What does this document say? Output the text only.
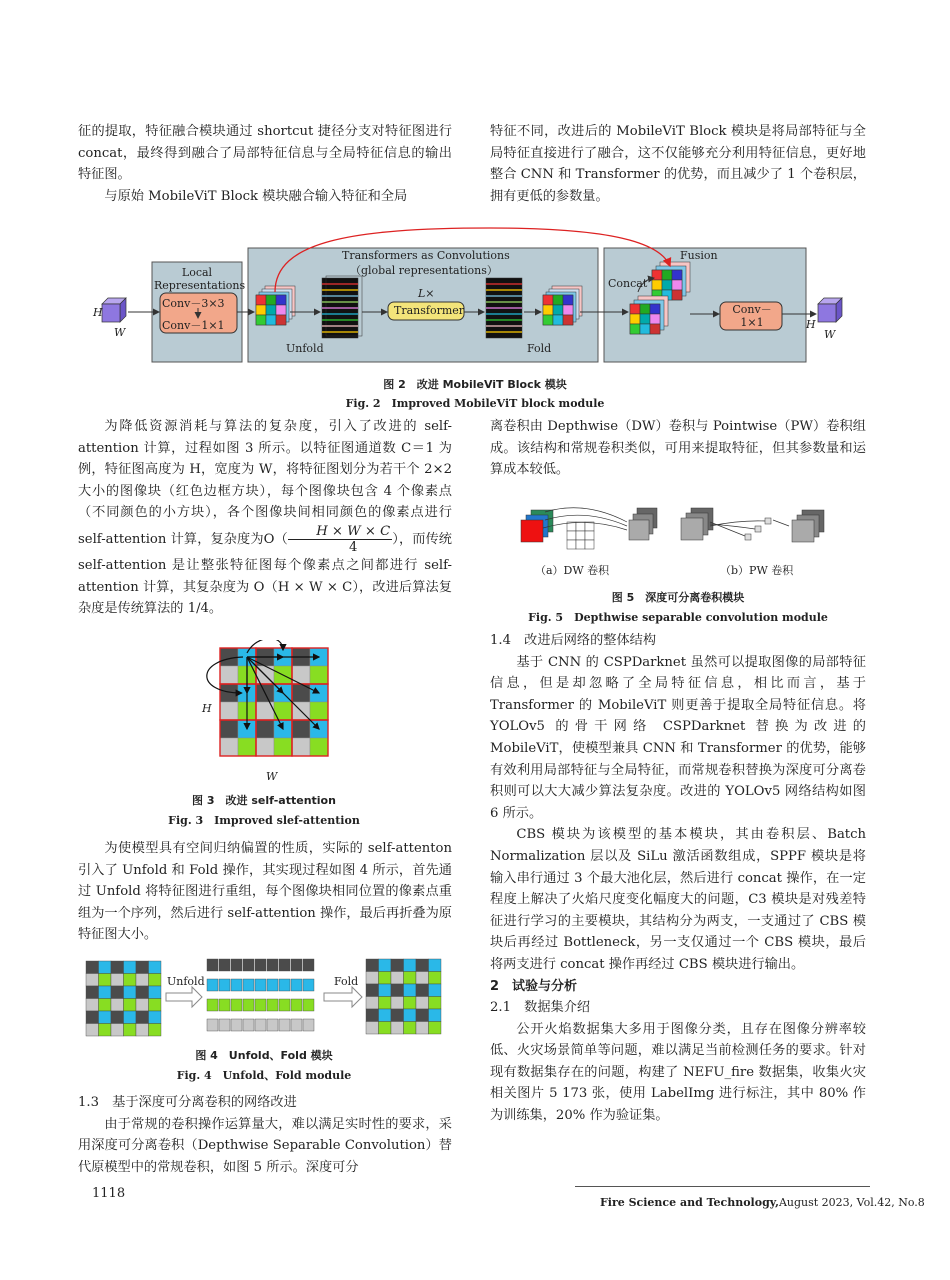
征的提取，特征融合模块通过 shortcut 捷径分支对特征图进行 concat，最终得到融合了局部特征信息与全局特征信息的输出特征图。

与原始 MobileViT Block 模块融合输入特征和全局

特征不同，改进后的 MobileViT Block 模块是将局部特征与全局特征直接进行了融合，这不仅能够充分利用特征信息，更好地整合 CNN 和 Transformer 的优势，而且减少了 1 个卷积层，拥有更低的参数量。

H
W
Local Representations
Conv－3×3
Conv－1×1
Transformers as Convolutions
（global representations）
L×
Transformer
Unfold	Fold
Fusion
Concat
Conv－1×1	H
W
图 2　改进 MobileViT Block 模块
Fig. 2　Improved MobileViT block module

为降低资源消耗与算法的复杂度，引入了改进的 self-attention 计算，过程如图 3 所示。以特征图通道数 C＝1 为例，特征图高度为 H，宽度为 W，将特征图划分为若干个 2×2 大小的图像块（红色边框方块），每个图像块包含 4 个像素点（不同颜色的小方块），各个图像块间相同颜色的像素点进行 self-attention 计算，复杂度为$O( \frac{H \times W \times C}{4}$ ），而传统 self-attention 是让整张特征图每个像素点之间都进行 self-attention 计算，其复杂度为 O（H × W × C），改进后算法复杂度是传统算法的 1/4。

H
W
图 3　改进 self-attention
Fig. 3　Improved slef-attention

为使模型具有空间归纳偏置的性质，实际的 self-attenton 引入了 Unfold 和 Fold 操作，其实现过程如图 4 所示，首先通过 Unfold 将特征图进行重组，每个图像块相同位置的像素点重组为一个序列，然后进行 self-attention 操作，最后再折叠为原特征图大小。

Unfold	Fold
图 4　Unfold、Fold 模块
Fig. 4　Unfold、Fold module

1.3　基于深度可分离卷积的网络改进

由于常规的卷积操作运算量大，难以满足实时性的要求，采用深度可分离卷积（Depthwise Separable Convolution）替代原模型中的常规卷积，如图 5 所示。深度可分

离卷积由 Depthwise（DW）卷积与 Pointwise（PW）卷积组成。该结构和常规卷积类似，可用来提取特征，但其参数量和运算成本较低。

（a）DW 卷积	（b）PW 卷积
图 5　深度可分离卷积模块
Fig. 5　Depthwise separable convolution module

1.4　改进后网络的整体结构

基于 CNN 的 CSPDarknet 虽然可以提取图像的局部特征信息，但是却忽略了全局特征信息，相比而言，基于 Transformer 的 MobileViT 则更善于提取全局特征信息。将 YOLOv5 的骨干网络 CSPDarknet 替换为改进的 MobileViT，使模型兼具 CNN 和 Transformer 的优势，能够有效利用局部特征与全局特征，而常规卷积替换为深度可分离卷积则可以大大减少算法复杂度。改进的 YOLOv5 网络结构如图 6 所示。

CBS 模块为该模型的基本模块，其由卷积层、Batch Normalization 层以及 SiLu 激活函数组成，SPPF 模块是将输入串行通过 3 个最大池化层，然后进行 concat 操作，在一定程度上解决了火焰尺度变化幅度大的问题，C3 模块是对残差特征进行学习的主要模块，其结构分为两支，一支通过了 CBS 模块后再经过 Bottleneck，另一支仅通过一个 CBS 模块，最后将两支进行 concat 操作再经过 CBS 模块进行输出。

2　试验与分析

2.1　数据集介绍

公开火焰数据集大多用于图像分类，且存在图像分辨率较低、火灾场景简单等问题，难以满足当前检测任务的要求。针对现有数据集存在的问题，构建了 NEFU_fire 数据集，收集火灾相关图片 5 173 张，使用 LabelImg 进行标注，其中 80% 作为训练集，20% 作为验证集。

1118
Fire Science and Technology,August 2023, Vol.42, No.8
